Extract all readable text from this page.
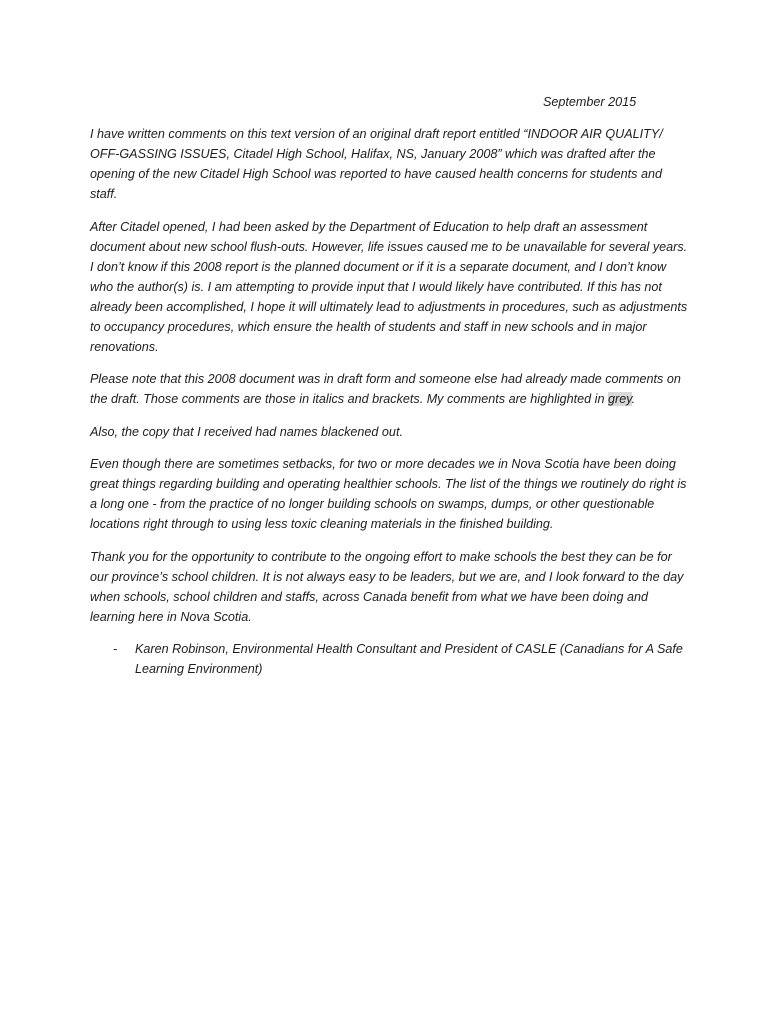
September 2015

I have written comments on this text version of an original draft report entitled “INDOOR AIR QUALITY/ OFF-GASSING ISSUES, Citadel High School, Halifax, NS, January 2008” which was drafted after the opening of the new Citadel High School was reported to have caused health concerns for students and staff.

After Citadel opened, I had been asked by the Department of Education to help draft an assessment document about new school flush-outs. However, life issues caused me to be unavailable for several years. I don’t know if this 2008 report is the planned document or if it is a separate document, and I don’t know who the author(s) is. I am attempting to provide input that I would likely have contributed. If this has not already been accomplished, I hope it will ultimately lead to adjustments in procedures, such as adjustments to occupancy procedures, which ensure the health of students and staff in new schools and in major renovations.

Please note that this 2008 document was in draft form and someone else had already made comments on the draft. Those comments are those in italics and brackets. My comments are highlighted in grey.

Also, the copy that I received had names blackened out.

Even though there are sometimes setbacks, for two or more decades we in Nova Scotia have been doing great things regarding building and operating healthier schools. The list of the things we routinely do right is a long one - from the practice of no longer building schools on swamps, dumps, or other questionable locations right through to using less toxic cleaning materials in the finished building.

Thank you for the opportunity to contribute to the ongoing effort to make schools the best they can be for our province’s school children. It is not always easy to be leaders, but we are, and I look forward to the day when schools, school children and staffs, across Canada benefit from what we have been doing and learning here in Nova Scotia.

-	Karen Robinson, Environmental Health Consultant and President of CASLE (Canadians for A Safe Learning Environment)
